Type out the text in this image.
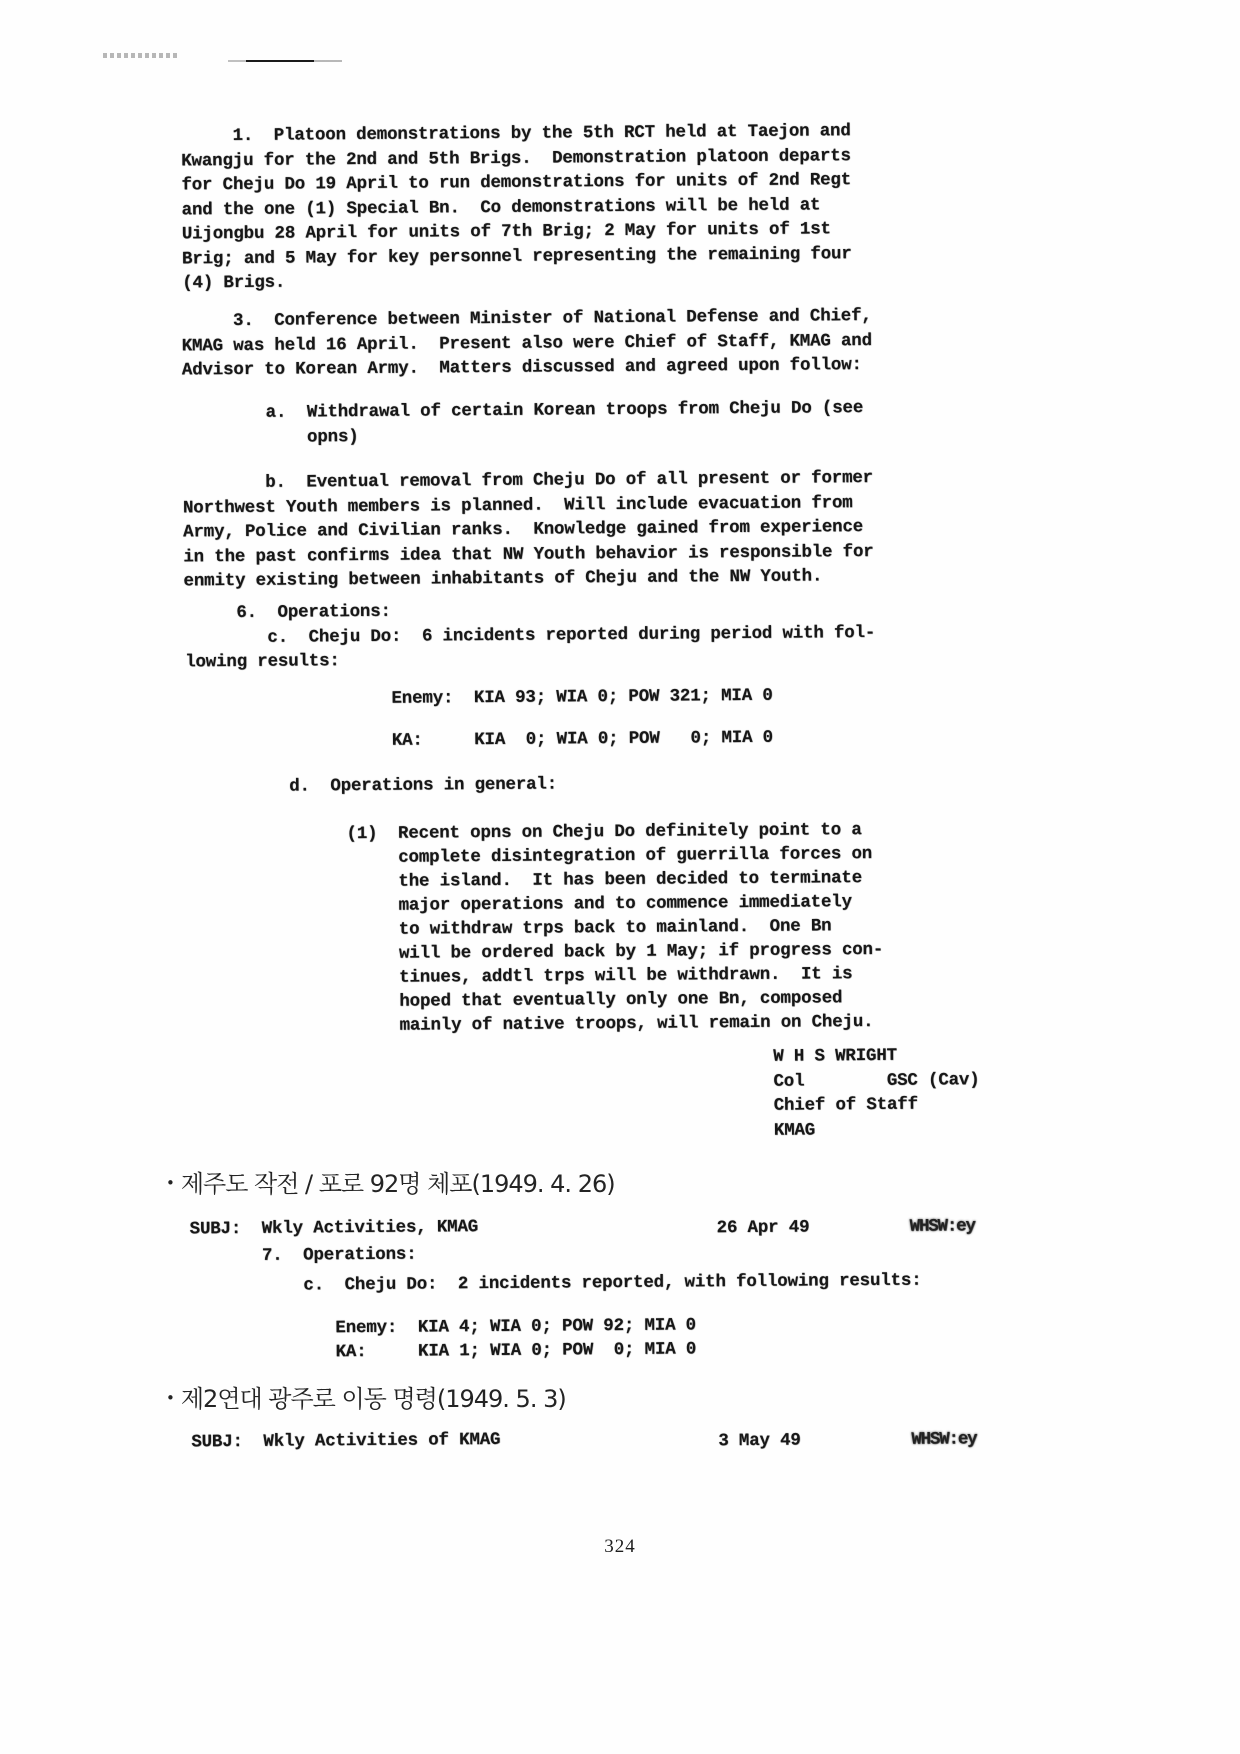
1.  Platoon demonstrations by the 5th RCT held at Taejon and
Kwangju for the 2nd and 5th Brigs.  Demonstration platoon departs
for Cheju Do 19 April to run demonstrations for units of 2nd Regt
and the one (1) Special Bn.  Co demonstrations will be held at
Uijongbu 28 April for units of 7th Brig; 2 May for units of 1st
Brig; and 5 May for key personnel representing the remaining four
(4) Brigs.
3.  Conference between Minister of National Defense and Chief,
KMAG was held 16 April.  Present also were Chief of Staff, KMAG and
Advisor to Korean Army.  Matters discussed and agreed upon follow:
a.  Withdrawal of certain Korean troops from Cheju Do (see
opns)
b.  Eventual removal from Cheju Do of all present or former
Northwest Youth members is planned.  Will include evacuation from
Army, Police and Civilian ranks.  Knowledge gained from experience
in the past confirms idea that NW Youth behavior is responsible for
enmity existing between inhabitants of Cheju and the NW Youth.
6.  Operations:
c.  Cheju Do:  6 incidents reported during period with fol-
lowing results:
Enemy:  KIA 93; WIA 0; POW 321; MIA 0
KA:     KIA  0; WIA 0; POW   0; MIA 0
d.  Operations in general:
(1)  Recent opns on Cheju Do definitely point to a
complete disintegration of guerrilla forces on
the island.  It has been decided to terminate
major operations and to commence immediately
to withdraw trps back to mainland.  One Bn
will be ordered back by 1 May; if progress con-
tinues, addtl trps will be withdrawn.  It is
hoped that eventually only one Bn, composed
mainly of native troops, will remain on Cheju.
W H S WRIGHT
Col        GSC (Cav)
Chief of Staff
KMAG
SUBJ:  Wkly Activities, KMAG	26 Apr 49	WHSW:ey
7.  Operations:
c.  Cheju Do:  2 incidents reported, with following results:
Enemy:  KIA 4; WIA 0; POW 92; MIA 0
KA:     KIA 1; WIA 0; POW  0; MIA 0
SUBJ:  Wkly Activities of KMAG	3 May 49	WHSW:ey
• 제주도 작전 / 포로 92명 체포(1949. 4. 26)
• 제2연대 광주로 이동 명령(1949. 5. 3)
324
